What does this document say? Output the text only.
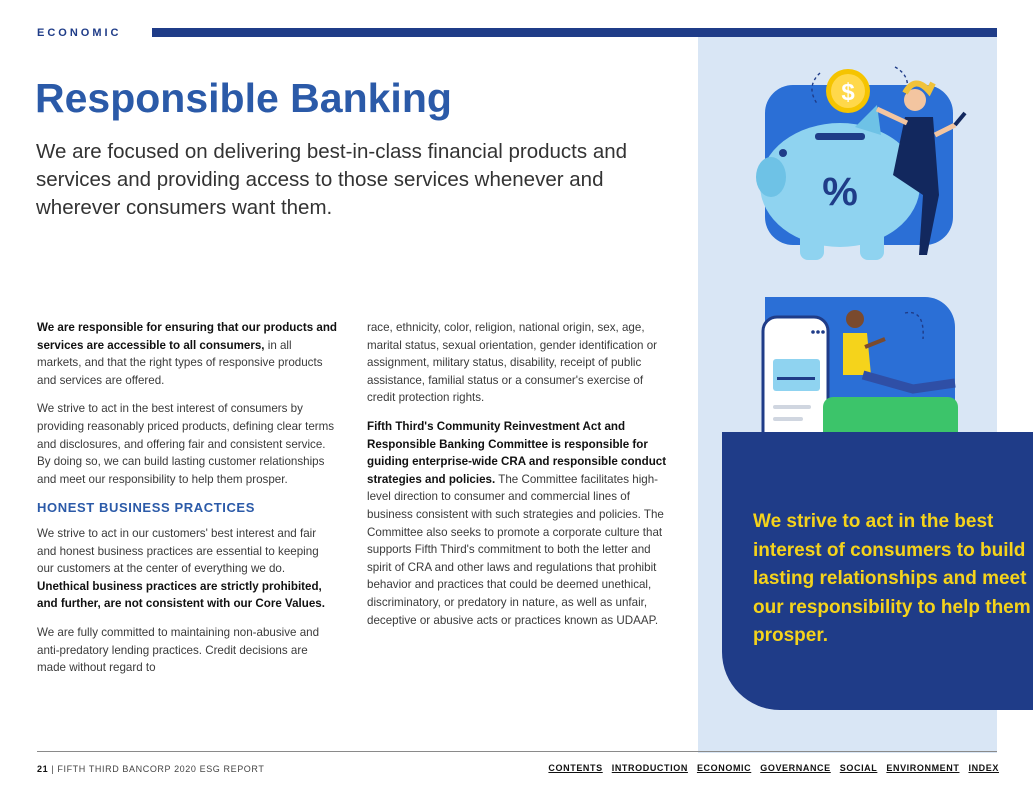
ECONOMIC
Responsible Banking

We are focused on delivering best-in-class financial products and services and providing access to those services whenever and wherever consumers want them.

We are responsible for ensuring that our products and services are accessible to all consumers, in all markets, and that the right types of responsive products and services are offered.

We strive to act in the best interest of consumers by providing reasonably priced products, defining clear terms and disclosures, and offering fair and consistent service. By doing so, we can build lasting customer relationships and meet our responsibility to help them prosper.

HONEST BUSINESS PRACTICES

We strive to act in our customers' best interest and fair and honest business practices are essential to keeping our customers at the center of everything we do. Unethical business practices are strictly prohibited, and further, are not consistent with our Core Values.

We are fully committed to maintaining non-abusive and anti-predatory lending practices. Credit decisions are made without regard to

race, ethnicity, color, religion, national origin, sex, age, marital status, sexual orientation, gender identification or assignment, military status, disability, receipt of public assistance, familial status or a consumer's exercise of credit protection rights.

Fifth Third's Community Reinvestment Act and Responsible Banking Committee is responsible for guiding enterprise-wide CRA and responsible conduct strategies and policies. The Committee facilitates high-level direction to consumer and commercial lines of business consistent with such strategies and policies. The Committee also seeks to promote a corporate culture that supports Fifth Third's commitment to both the letter and spirit of CRA and other laws and regulations that prohibit behavior and practices that could be deemed unethical, discriminatory, or predatory in nature, as well as unfair, deceptive or abusive acts or practices known as UDAAP.

$
%
We strive to act in the best interest of consumers to build lasting relationships and meet our responsibility to help them prosper.
21 | FIFTH THIRD BANCORP 2020 ESG REPORT	CONTENTS INTRODUCTION ECONOMIC GOVERNANCE SOCIAL ENVIRONMENT INDEX
